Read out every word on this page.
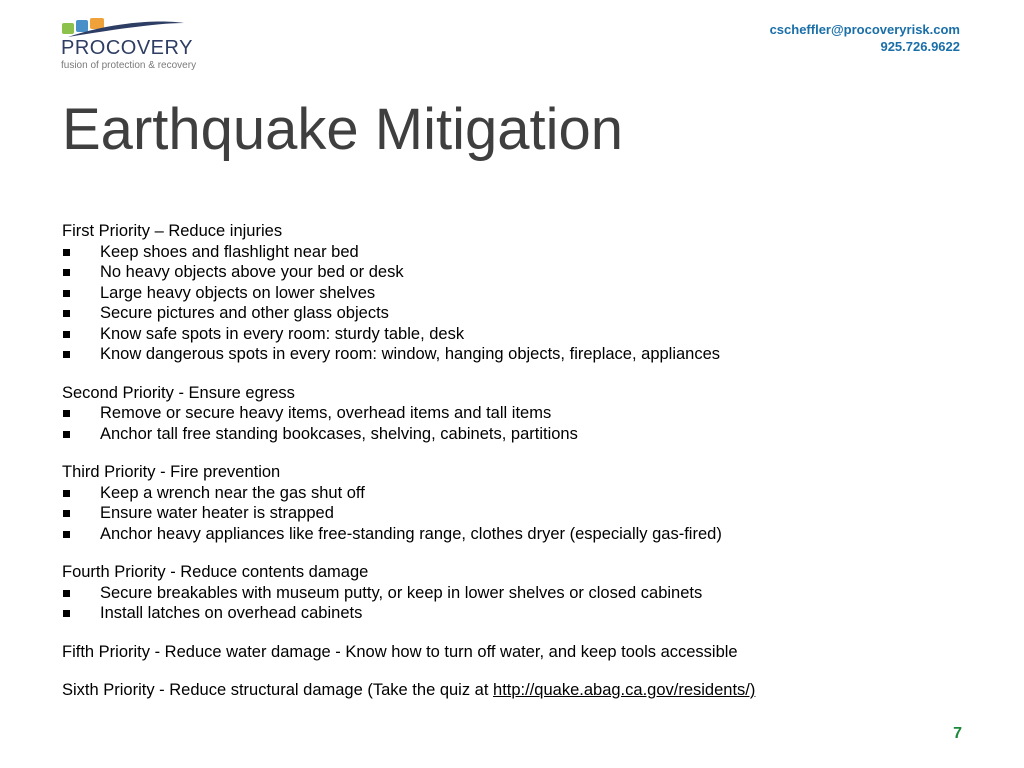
PROCOVERY
fusion of protection & recovery
cscheffler@procoveryrisk.com
925.726.9622
Earthquake Mitigation
First Priority – Reduce injuries
Keep shoes and flashlight near bed
No heavy objects above your bed or desk
Large heavy objects on lower shelves
Secure pictures and other glass objects
Know safe spots in every room: sturdy table, desk
Know dangerous spots in every room: window, hanging objects, fireplace, appliances
Second Priority - Ensure egress
Remove or secure heavy items, overhead items and tall items
Anchor tall free standing bookcases, shelving, cabinets, partitions
Third Priority - Fire prevention
Keep a wrench near the gas shut off
Ensure water heater is strapped
Anchor heavy appliances like free-standing range, clothes dryer (especially gas-fired)
Fourth Priority - Reduce contents damage
Secure breakables with museum putty, or keep in lower shelves or closed cabinets
Install latches on overhead cabinets
Fifth Priority - Reduce water damage - Know how to turn off water, and keep tools accessible
Sixth Priority - Reduce structural damage (Take the quiz at http://quake.abag.ca.gov/residents/)
7
